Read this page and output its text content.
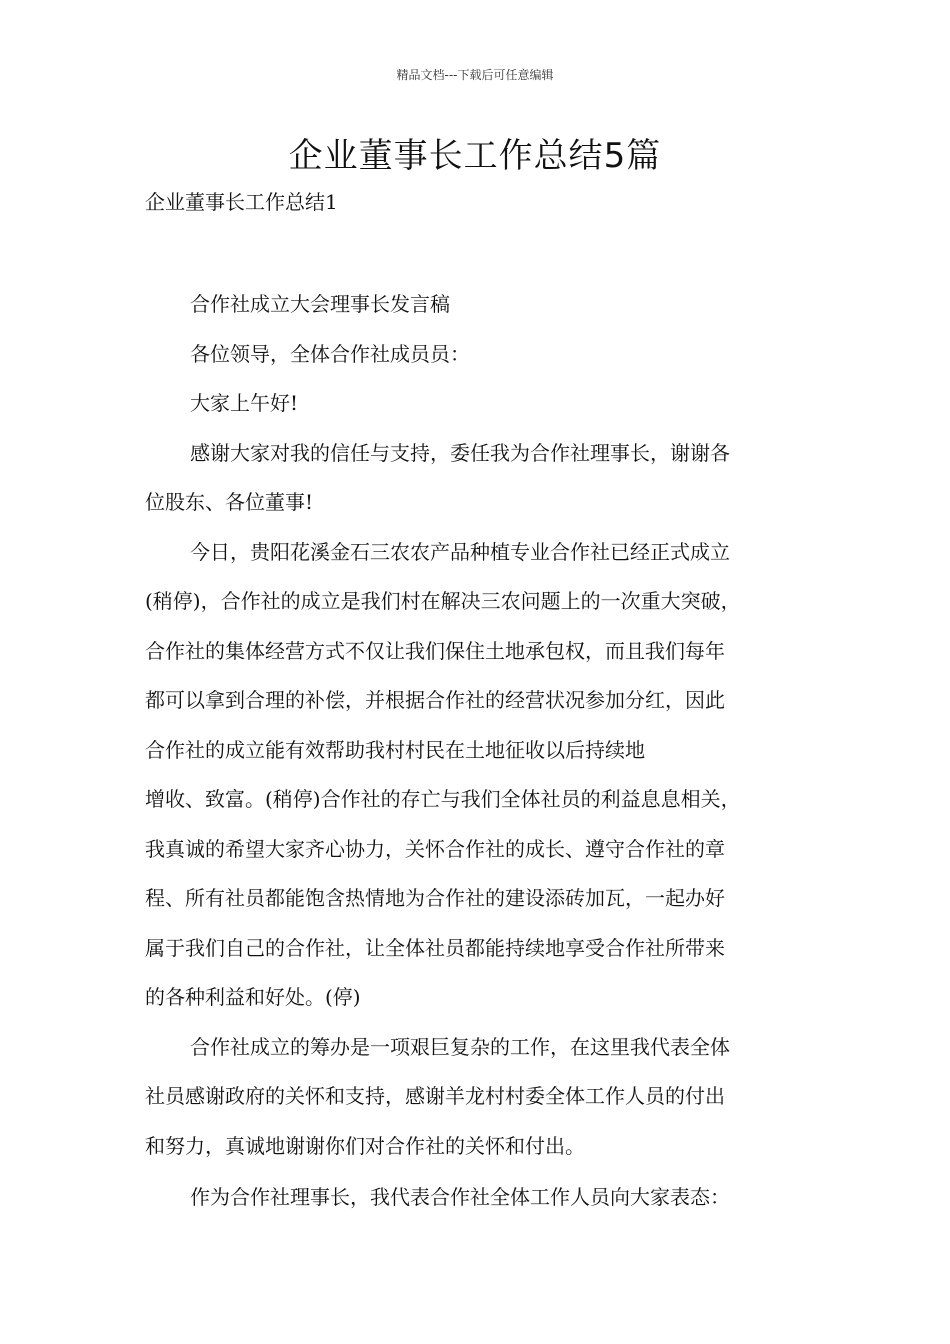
精品文档---下载后可任意编辑
企业董事长工作总结5篇
企业董事长工作总结1

合作社成立大会理事长发言稿

各位领导，全体合作社成员员：

大家上午好!

感谢大家对我的信任与支持，委任我为合作社理事长，谢谢各

位股东、各位董事!

今日，贵阳花溪金石三农农产品种植专业合作社已经正式成立

(稍停)，合作社的成立是我们村在解决三农问题上的一次重大突破，

合作社的集体经营方式不仅让我们保住土地承包权，而且我们每年

都可以拿到合理的补偿，并根据合作社的经营状况参加分红，因此

合作社的成立能有效帮助我村村民在土地征收以后持续地

增收、致富。(稍停)合作社的存亡与我们全体社员的利益息息相关，

我真诚的希望大家齐心协力，关怀合作社的成长、遵守合作社的章

程、所有社员都能饱含热情地为合作社的建设添砖加瓦，一起办好

属于我们自己的合作社，让全体社员都能持续地享受合作社所带来

的各种利益和好处。(停)

合作社成立的筹办是一项艰巨复杂的工作，在这里我代表全体

社员感谢政府的关怀和支持，感谢羊龙村村委全体工作人员的付出

和努力，真诚地谢谢你们对合作社的关怀和付出。

作为合作社理事长，我代表合作社全体工作人员向大家表态：
